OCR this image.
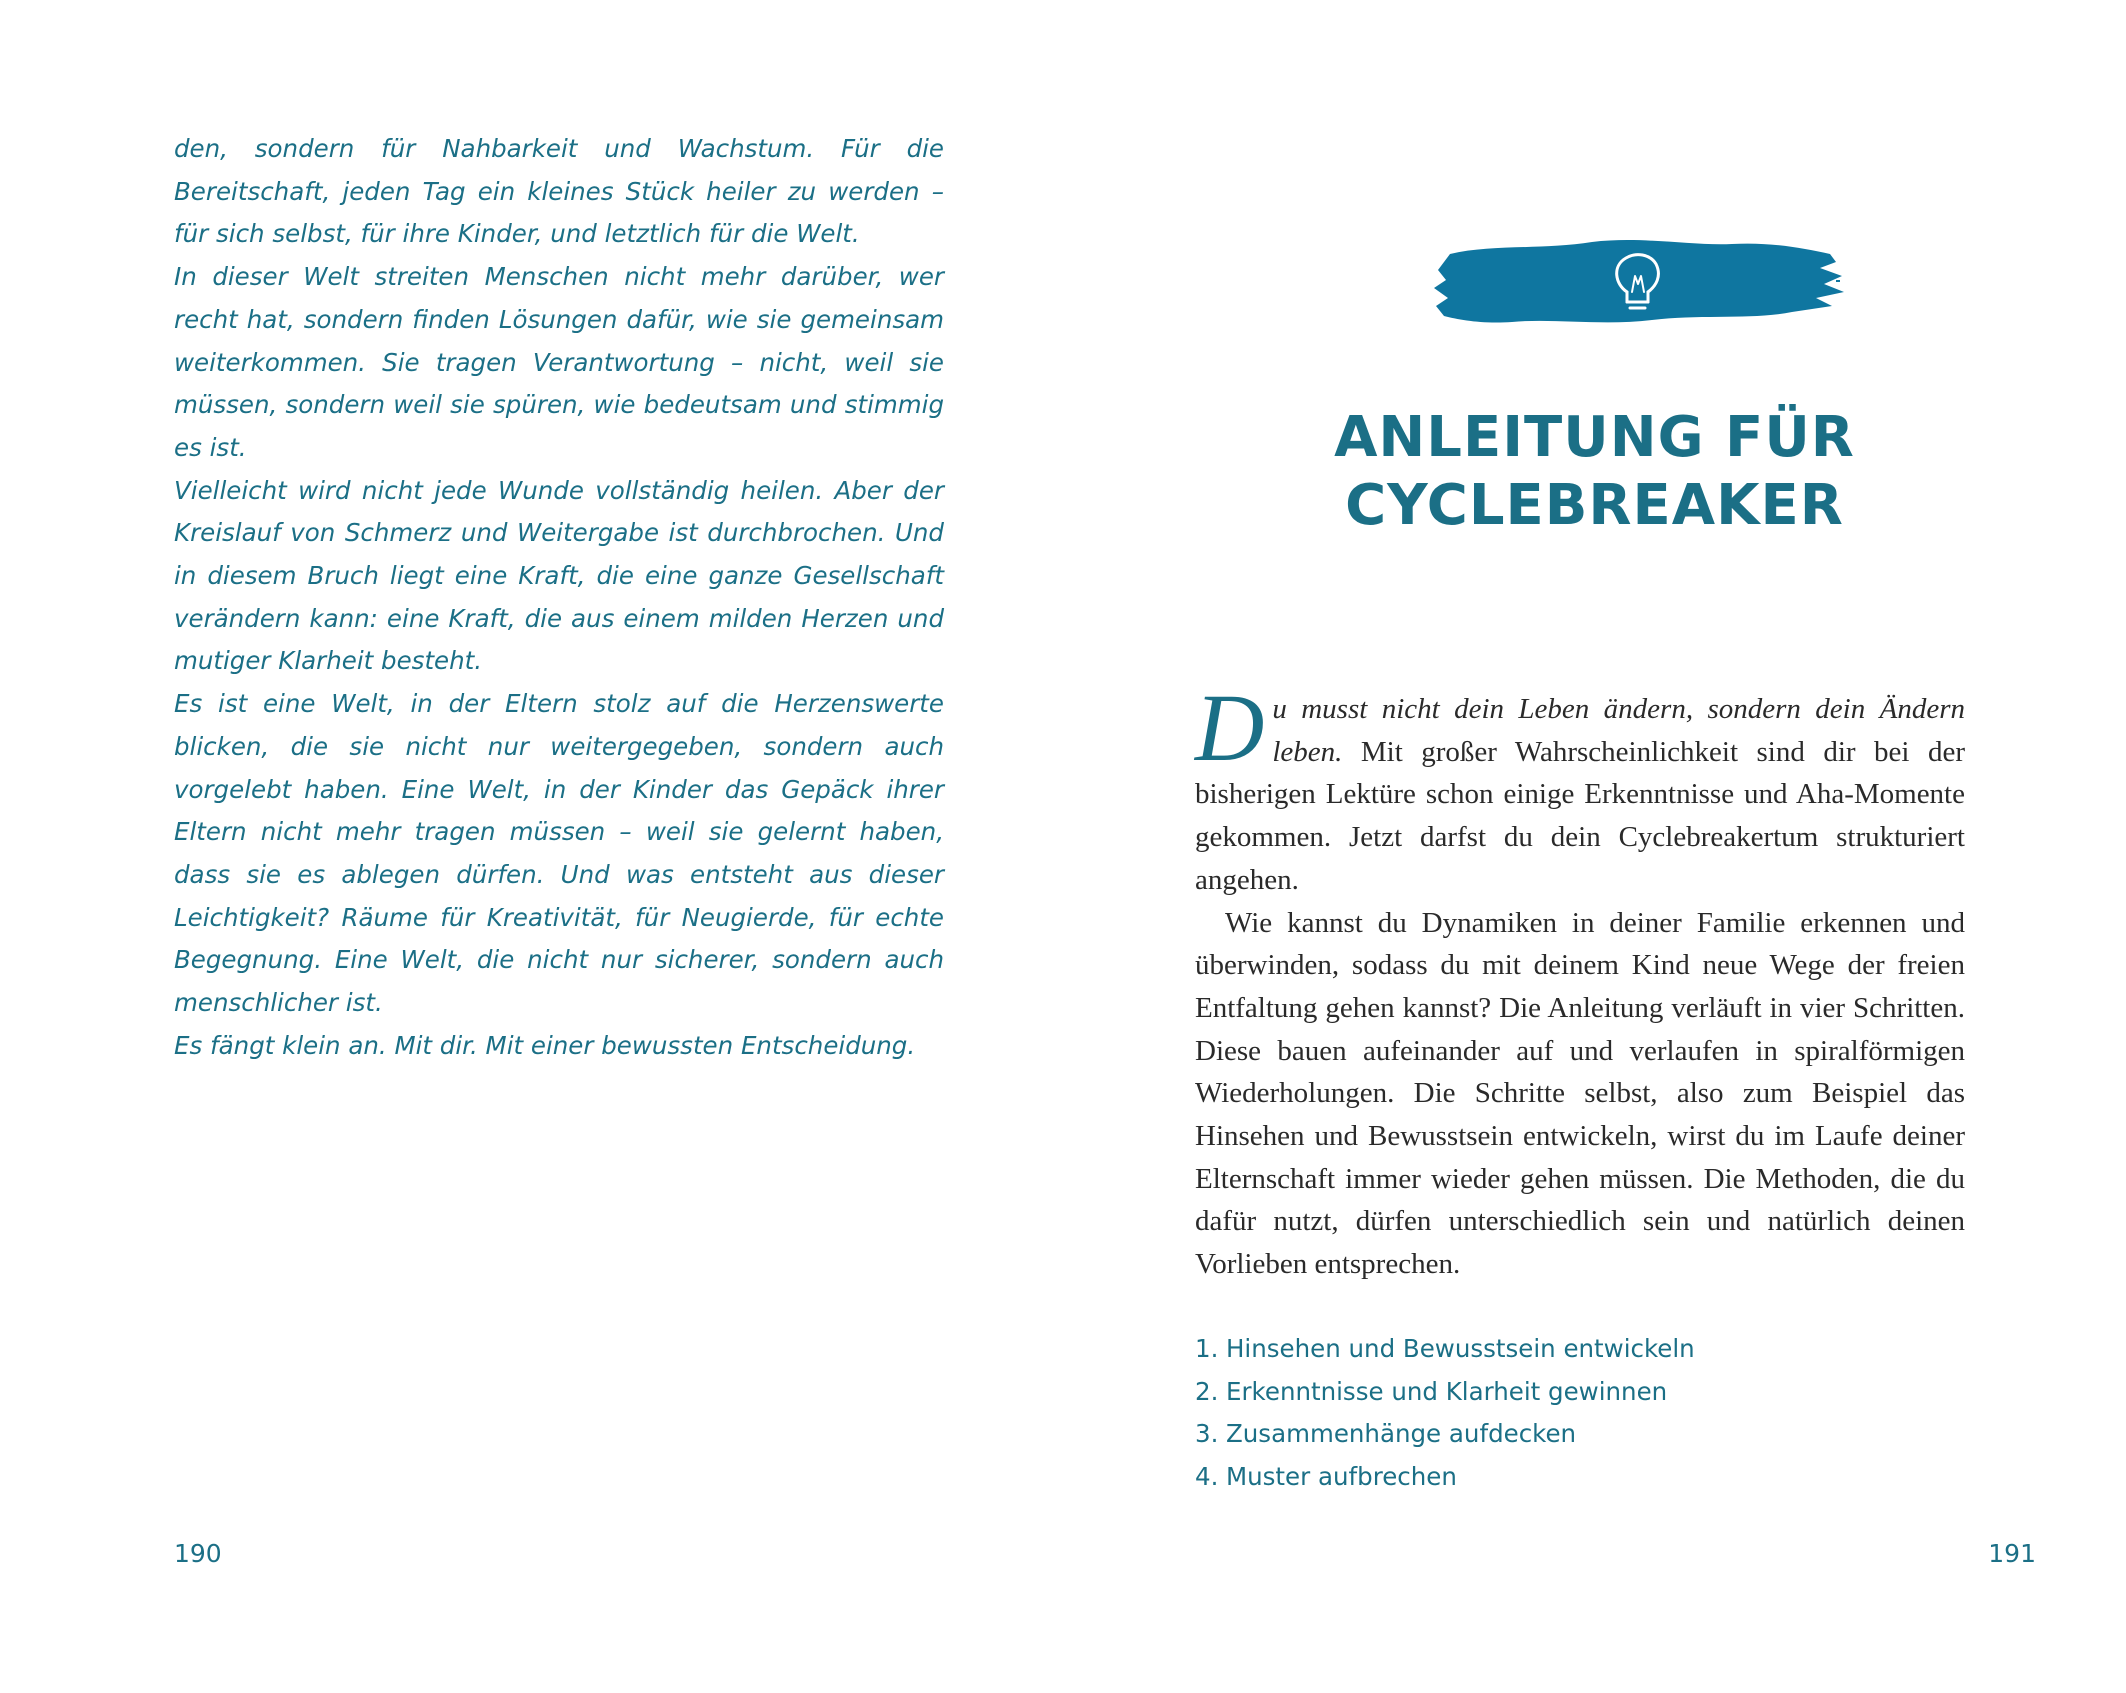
den, sondern für Nahbarkeit und Wachstum. Für die Bereitschaft, jeden Tag ein kleines Stück heiler zu werden – für sich selbst, für ihre Kinder, und letztlich für die Welt.

In dieser Welt streiten Menschen nicht mehr darüber, wer recht hat, sondern finden Lösungen dafür, wie sie gemeinsam weiterkommen. Sie tragen Verantwortung – nicht, weil sie müssen, sondern weil sie spüren, wie bedeutsam und stimmig es ist.

Vielleicht wird nicht jede Wunde vollständig heilen. Aber der Kreislauf von Schmerz und Weitergabe ist durchbrochen. Und in diesem Bruch liegt eine Kraft, die eine ganze Gesellschaft verändern kann: eine Kraft, die aus einem milden Herzen und mutiger Klarheit besteht.

Es ist eine Welt, in der Eltern stolz auf die Herzenswerte blicken, die sie nicht nur weitergegeben, sondern auch vorgelebt haben. Eine Welt, in der Kinder das Gepäck ihrer Eltern nicht mehr tragen müssen – weil sie gelernt haben, dass sie es ablegen dürfen. Und was entsteht aus dieser Leichtigkeit? Räume für Kreativität, für Neugierde, für echte Begegnung. Eine Welt, die nicht nur sicherer, sondern auch menschlicher ist.

Es fängt klein an. Mit dir. Mit einer bewussten Entscheidung.

190
ANLEITUNG FÜR
CYCLEBREAKER

Du musst nicht dein Leben ändern, sondern dein Ändern leben. Mit großer Wahrscheinlichkeit sind dir bei der bisherigen Lektüre schon einige Erkenntnisse und Aha-Momente gekommen. Jetzt darfst du dein Cyclebreakertum strukturiert angehen.

Wie kannst du Dynamiken in deiner Familie erkennen und überwinden, sodass du mit deinem Kind neue Wege der freien Entfaltung gehen kannst? Die Anleitung verläuft in vier Schritten. Diese bauen aufeinander auf und verlaufen in spiralförmigen Wiederholungen. Die Schritte selbst, also zum Beispiel das Hinsehen und Bewusstsein entwickeln, wirst du im Laufe deiner Elternschaft immer wieder gehen müssen. Die Methoden, die du dafür nutzt, dürfen unterschiedlich sein und natürlich deinen Vorlieben entsprechen.

1. Hinsehen und Bewusstsein entwickeln
2. Erkenntnisse und Klarheit gewinnen
3. Zusammenhänge aufdecken
4. Muster aufbrechen
191
